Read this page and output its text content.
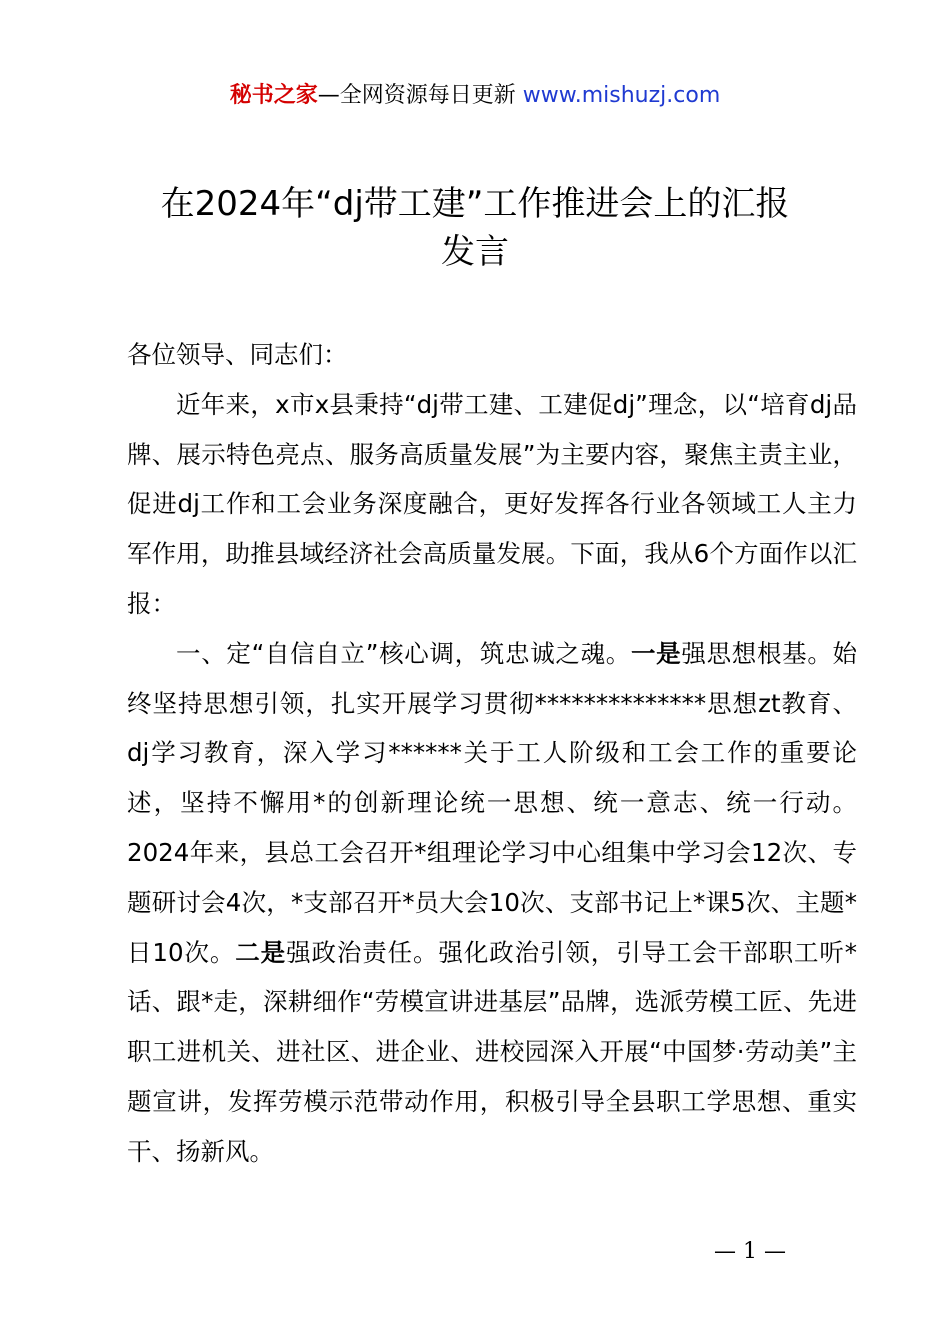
秘书之家—全网资源每日更新 www.mishuzj.com
在2024年“dj带工建”工作推进会上的汇报
发言

各位领导、同志们：

近年来，x市x县秉持“dj带工建、工建促dj”理念，以“培育dj品牌、展示特色亮点、服务高质量发展”为主要内容，聚焦主责主业，促进dj工作和工会业务深度融合，更好发挥各行业各领域工人主力军作用，助推县域经济社会高质量发展。下面，我从6个方面作以汇报：

一、定“自信自立”核心调，筑忠诚之魂。一是强思想根基。始终坚持思想引领，扎实开展学习贯彻**************思想zt教育、dj学习教育，深入学习******关于工人阶级和工会工作的重要论述，坚持不懈用*的创新理论统一思想、统一意志、统一行动。2024年来，县总工会召开*组理论学习中心组集中学习会12次、专题研讨会4次，*支部召开*员大会10次、支部书记上*课5次、主题*日10次。二是强政治责任。强化政治引领，引导工会干部职工听*话、跟*走，深耕细作“劳模宣讲进基层”品牌，选派劳模工匠、先进职工进机关、进社区、进企业、进校园深入开展“中国梦·劳动美”主题宣讲，发挥劳模示范带动作用，积极引导全县职工学思想、重实干、扬新风。

— 1 —
